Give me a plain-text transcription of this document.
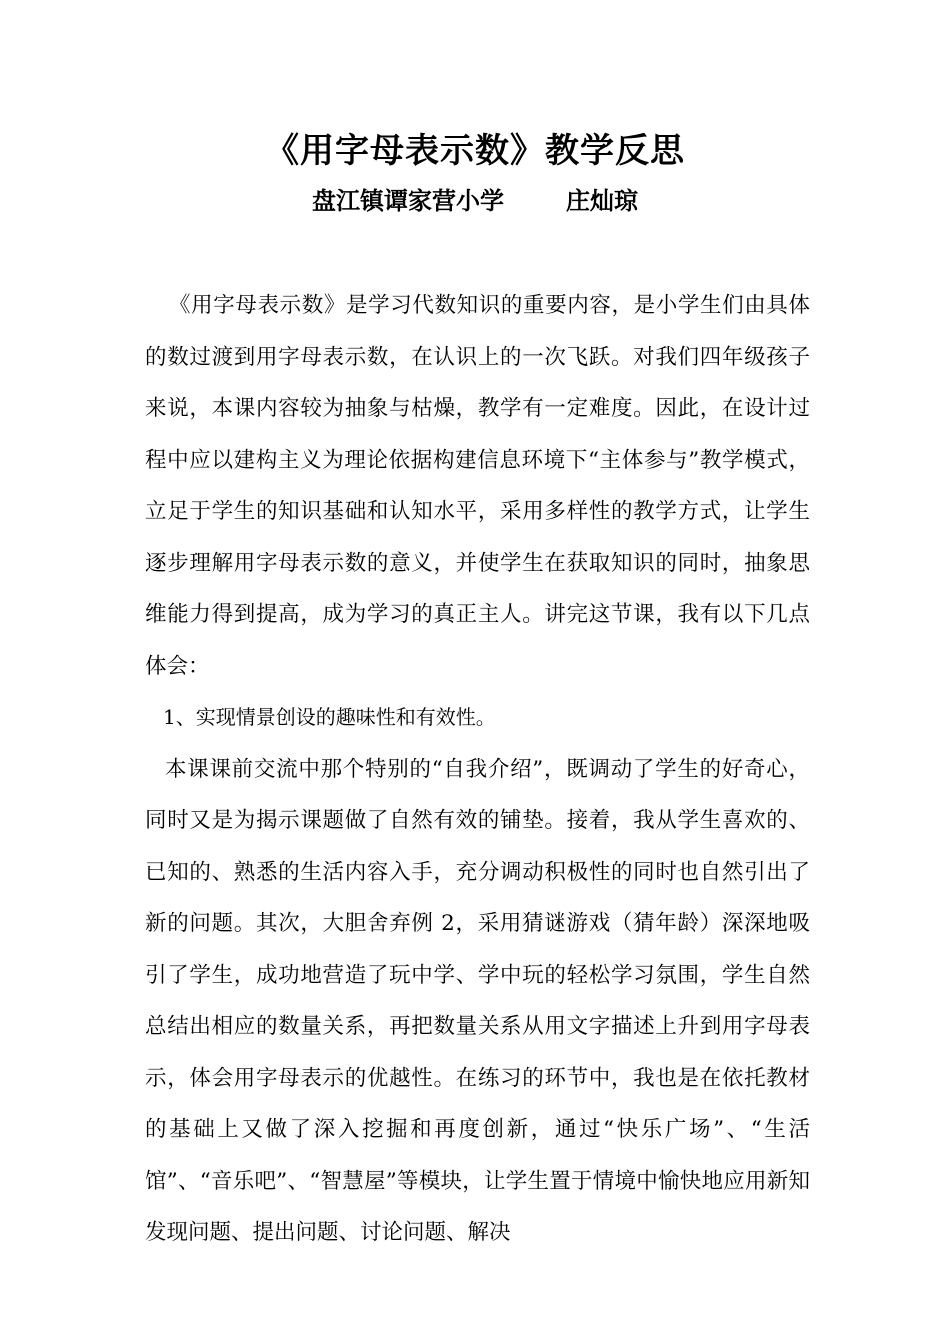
《用字母表示数》教学反思
盘江镇谭家营小学	庄灿琼

《用字母表示数》是学习代数知识的重要内容，是小学生们由具体的数过渡到用字母表示数，在认识上的一次飞跃。对我们四年级孩子来说，本课内容较为抽象与枯燥，教学有一定难度。因此，在设计过程中应以建构主义为理论依据构建信息环境下“主体参与”教学模式，立足于学生的知识基础和认知水平，采用多样性的教学方式，让学生逐步理解用字母表示数的意义，并使学生在获取知识的同时，抽象思维能力得到提高，成为学习的真正主人。讲完这节课，我有以下几点体会：

1、实现情景创设的趣味性和有效性。

本课课前交流中那个特别的“自我介绍”，既调动了学生的好奇心，同时又是为揭示课题做了自然有效的铺垫。接着，我从学生喜欢的、已知的、熟悉的生活内容入手，充分调动积极性的同时也自然引出了新的问题。其次，大胆舍弃例 2，采用猜谜游戏（猜年龄）深深地吸引了学生，成功地营造了玩中学、学中玩的轻松学习氛围，学生自然总结出相应的数量关系，再把数量关系从用文字描述上升到用字母表示，体会用字母表示的优越性。在练习的环节中，我也是在依托教材的基础上又做了深入挖掘和再度创新，通过“快乐广场”、“生活馆”、“音乐吧”、“智慧屋”等模块，让学生置于情境中愉快地应用新知发现问题、提出问题、讨论问题、解决
